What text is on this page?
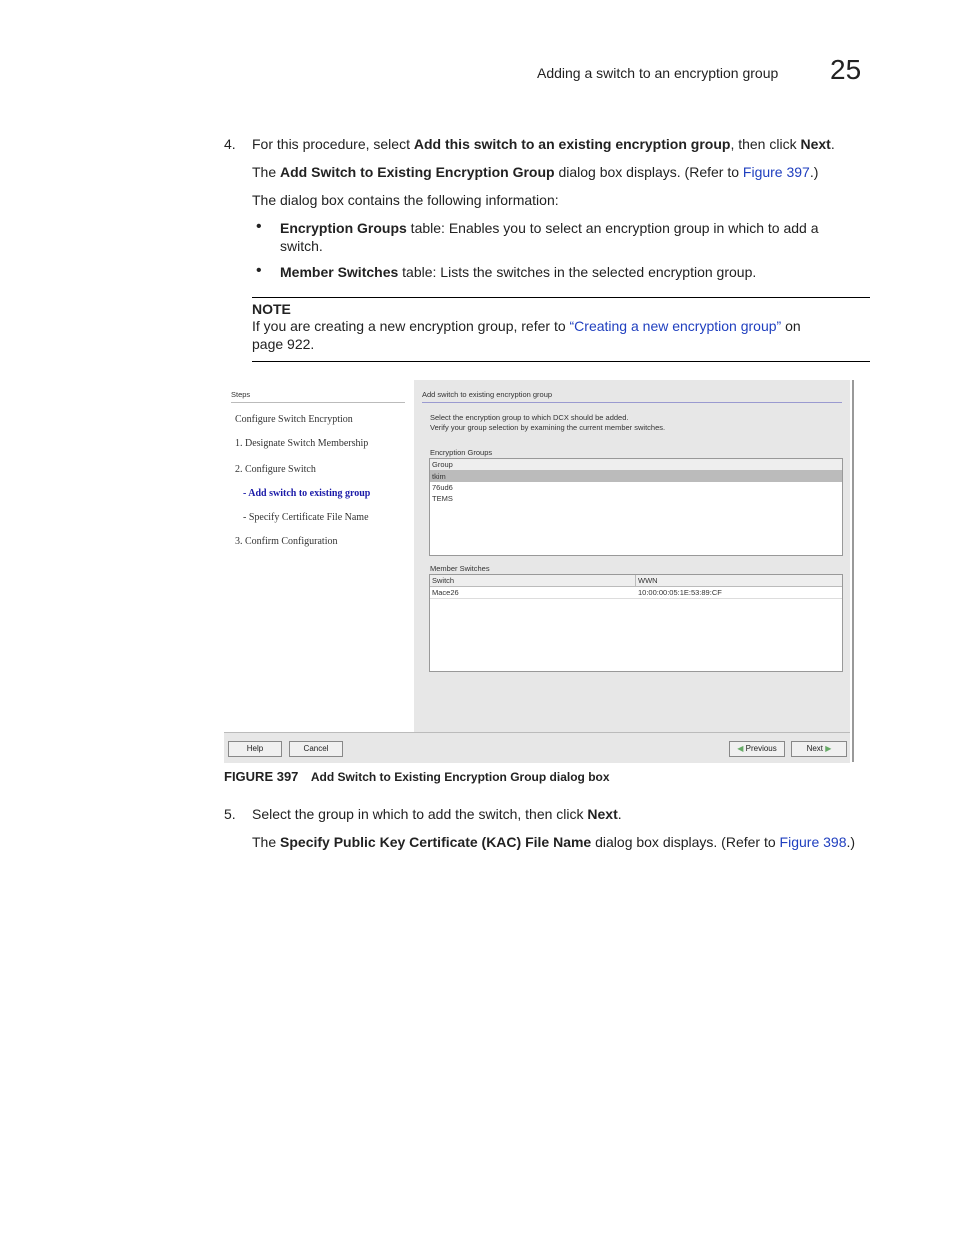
Adding a switch to an encryption group 25
4. For this procedure, select Add this switch to an existing encryption group, then click Next.
The Add Switch to Existing Encryption Group dialog box displays. (Refer to Figure 397.)
The dialog box contains the following information:
• Encryption Groups table: Enables you to select an encryption group in which to add a
switch.
• Member Switches table: Lists the switches in the selected encryption group.
NOTE
If you are creating a new encryption group, refer to “Creating a new encryption group” on
page 922.
Steps
Configure Switch Encryption
1. Designate Switch Membership
2. Configure Switch
- Add switch to existing group
- Specify Certificate File Name
3. Confirm Configuration
Add switch to existing encryption group
Select the encryption group to which DCX should be added.
Verify your group selection by examining the current member switches.
Encryption Groups
Group
tkim
76ud6
TEMS
Member Switches
Switch	WWN
Mace26	10:00:00:05:1E:53:89:CF
Help	Cancel	◀ Previous	Next ▶
FIGURE 397 Add Switch to Existing Encryption Group dialog box
5. Select the group in which to add the switch, then click Next.
The Specify Public Key Certificate (KAC) File Name dialog box displays. (Refer to Figure 398.)
